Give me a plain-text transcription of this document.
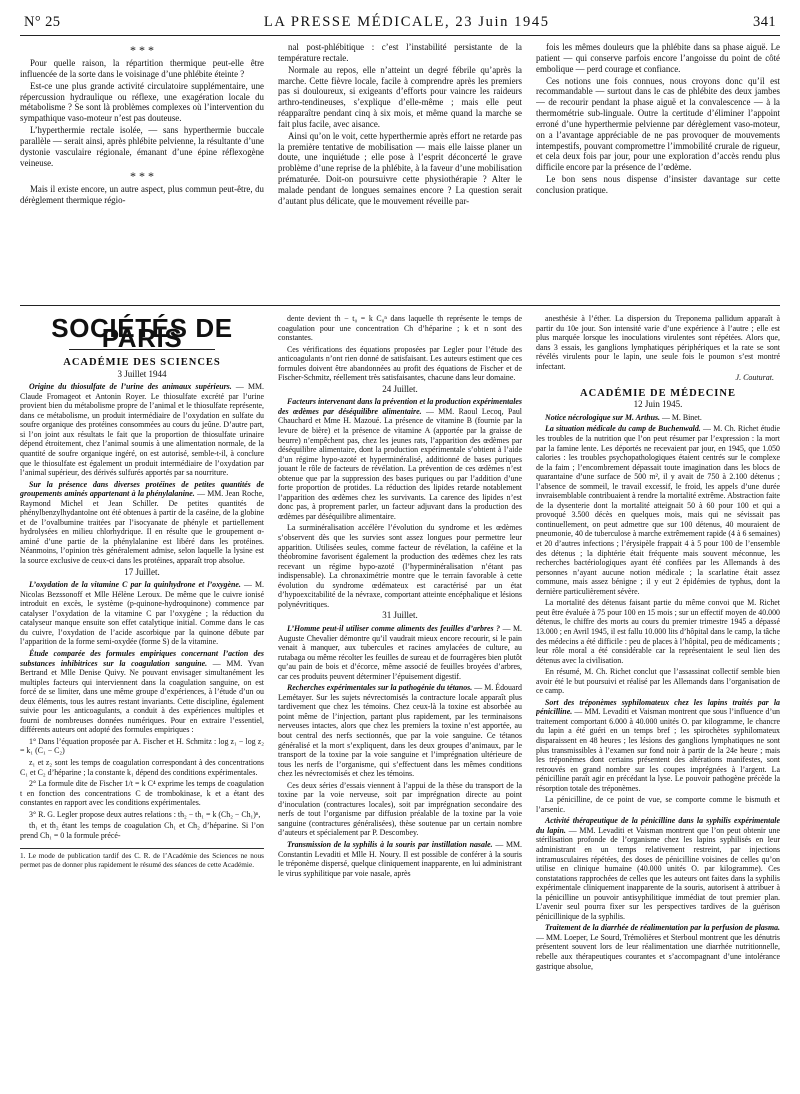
N° 25	LA PRESSE MÉDICALE, 23 Juin 1945	341
* * *

Pour quelle raison, la répartition thermique peut-elle être influencée de la sorte dans le voisinage d’une phlébite éteinte ?

Est-ce une plus grande activité circulatoire supplémentaire, une répercussion hydraulique ou réflexe, une exagération locale du métabolisme ? Se sont là problèmes complexes où l’intervention du sympathique vaso-moteur n’est pas douteuse.

L’hyperthermie rectale isolée, — sans hyperthermie buccale parallèle — serait ainsi, après phlébite pelvienne, la résultante d’une dystonie vasculaire régionale, émanant d’une épine réflexogène veineuse.

* * *

Mais il existe encore, un autre aspect, plus commun peut-être, du dérèglement thermique régio-

nal post-phlébitique : c’est l’instabilité persistante de la température rectale.

Normale au repos, elle n’atteint un degré fébrile qu’après la marche. Cette fièvre locale, facile à comprendre après les premiers pas si douloureux, si exigeants d’efforts pour vaincre les raideurs arthro-tendineuses, s’explique d’elle-même ; mais elle peut réapparaître pendant cinq à six mois, et même quand la marche se fait plus facile, avec aisance.

Ainsi qu’on le voit, cette hyperthermie après effort ne retarde pas la première tentative de mobilisation — mais elle laisse planer un doute, une inquiétude ; elle pose à l’esprit déconcerté le grave problème d’une reprise de la phlébite, à la faveur d’une mobilisation prématurée. Doit-on poursuivre cette physiothérapie ? Alter le malade pendant de longues semaines encore ? La question serait d’autant plus délicate, que le mouvement réveille par-

fois les mêmes douleurs que la phlébite dans sa phase aiguë. Le patient — qui conserve parfois encore l’angoisse du point de côté embolique — perd courage et confiance.

Ces notions une fois connues, nous croyons donc qu’il est recommandable — surtout dans le cas de phlébite des deux jambes — de recourir pendant la phase aiguë et la convalescence — à la thermométrie sub-linguale. Outre la certitude d’éliminer l’appoint erroné d’une hyperthermie pelvienne par dérèglement vaso-moteur, on a l’avantage appréciable de ne pas provoquer de mouvements intempestifs, pouvant compromettre l’immobilité crurale de rigueur, et cela deux fois par jour, pour une exploration d’accès rendu plus difficile encore par la présence de l’œdème.

Le bon sens nous dispense d’insister davantage sur cette conclusion pratique.

SOCIÉTÉS DE PARIS
ACADÉMIE DES SCIENCES
3 Juillet 1944

Origine du thiosulfate de l’urine des animaux supérieurs. — MM. Claude Fromageot et Antonin Royer. Le thiosulfate excrété par l’urine provient bien du métabolisme propre de l’animal et le thiosulfate représente, dans ce métabolisme, un produit intermédiaire de l’oxydation en sulfate du soufre organique des protéines consommées au cours du jeûne. D’autre part, si l’on joint aux résultats le fait que la proportion de thiosulfate urinaire dépend étroitement, chez l’animal soumis à une alimentation normale, de la quantité de soufre organique ingéré, on est autorisé, semble-t-il, à conclure que le thiosulfate est également un produit intermédiaire de l’oxydation par l’animal supérieur, des dérivés sulfurés apportés par sa nourriture.

Sur la présence dans diverses protéines de petites quantités de groupements aminés appartenant à la phénylalanine. — MM. Jean Roche, Raymond Michel et Jean Schiller. De petites quantités de phénylbenzylhydantoïne ont été obtenues à partir de la caséine, de la globine et de l’ovalbumine traitées par l’isocyanate de phényle et partiellement hydrolysées en milieu chlorhydrique. Il en résulte que le groupement α-aminé d’une partie de la phénylalanine est libéré dans les protéines. Néanmoins, l’opinion très généralement admise, selon laquelle la lysine est la source exclusive de ceux-ci dans les protéines, apparaît trop absolue.

17 Juillet.

L’oxydation de la vitamine C par la quinhydrone et l’oxygène. — M. Nicolas Bezssonoff et Mlle Hélène Leroux. De même que le cuivre ionisé introduit en excès, le système (p-quinone-hydroquinone) commence par catalyser l’oxydation de la vitamine C par l’oxygène ; la réduction du catalyseur manque ensuite son effet catalytique initial. Comme dans le cas du cuivre, l’oxydation de l’acide ascorbique par la quinone débute par l’apparition de la forme semi-oxydée (forme S) de la vitamine.

Étude comparée des formules empiriques concernant l’action des substances inhibitrices sur la coagulation sanguine. — MM. Yvan Bertrand et Mlle Denise Quivy. Ne pouvant envisager simultanément les multiples facteurs qui interviennent dans la coagulation sanguine, on est forcé de se limiter, dans une même groupe d’expériences, à l’étude d’un ou deux éléments, tous les autres restant invariants. Cette discipline, également suivie pour les anticoagulants, a conduit à des expériences multiples et fourni de nombreuses données numériques. Pour en extraire l’essentiel, différents auteurs ont adopté des formules empiriques :

1° Dans l’équation proposée par A. Fischer et H. Schmitz : log z₁ − log z₂ = k₁ (C₁ − C₂)

z₁ et z₂ sont les temps de coagulation correspondant à des concentrations C₁ et C₂ d’héparine ; la constante k₁ dépend des conditions expérimentales.

2° La formule dite de Fischer 1/t = k C⁴ exprime les temps de coagulation t en fonction des concentrations C de trombokinase, k et a étant des constantes en rapport avec les conditions expérimentales.

3° R. G. Legler propose deux autres relations : th₂ − th₁ = k (Ch₂ − Ch₁)ⁿ,

th₁ et th₂ étant les temps de coagulation Ch₁ et Ch₂ d’héparine. Si l’on prend Ch₁ = 0 la formule précé-

1. Le mode de publication tardif des C. R. de l’Académie des Sciences ne nous permet pas de donner plus rapidement le résumé des séances de cette Académie.

dente devient th − t₀ = k C₀ⁿ dans laquelle th représente le temps de coagulation pour une concentration Ch d’héparine ; k et n sont des constantes.

Ces vérifications des équations proposées par Legler pour l’étude des anticoagulants n’ont rien donné de satisfaisant. Les auteurs estiment que ces formules doivent être abandonnées au profit des équations de Fischer et de Fischer-Schmitz, réellement très satisfaisantes, chacune dans leur domaine.

24 Juillet.

Facteurs intervenant dans la prévention et la production expérimentales des œdèmes par déséquilibre alimentaire. — MM. Raoul Lecoq, Paul Chauchard et Mme H. Mazoué. La présence de vitamine B (fournie par la levure de bière) et la présence de vitamine A (apportée par la graisse de beurre) n’empêchent pas, chez les jeunes rats, l’apparition des œdèmes par déséquilibre alimentaire, dont la production expérimentale s’obtient à l’aide d’un régime hypo-azoté et hyperminéralisé, additionné de bases puriques jouant le rôle de facteurs de révélation. La prévention de ces œdèmes n’est obtenue que par la suppression des bases puriques ou par l’addition d’une forte proportion de protides. La réduction des lipides retarde notablement l’apparition des œdèmes chez les survivants. La carence des lipides n’est donc pas, à proprement parler, un facteur adjuvant dans la production des œdèmes par déséquilibre alimentaire.

La surminéralisation accélère l’évolution du syndrome et les œdèmes s’observent dès que les survies sont assez longues pour permettre leur apparition. Utilisées seules, comme facteur de révélation, la caféine et la théobromine favorisent également la production des œdèmes chez les rats recevant un régime hypo-azoté (l’hyperminéralisation n’étant pas indispensable). La chronaximétrie montre que le terrain favorable à cette évolution du syndrome œdémateux est caractérisé par un état d’hypoexcitabilité de la névraxe, comportant atteinte encéphalique et lésions polynévritiques.

31 Juillet.

L’Homme peut-il utiliser comme aliments des feuilles d’arbres ? — M. Auguste Chevalier démontre qu’il vaudrait mieux encore recourir, si le pain venait à manquer, aux tubercules et racines amylacées de culture, au rutabaga ou même récolter les feuilles de sureau et de fourragères bien plutôt qu’au pain de bois et d’écorce, même associé de feuilles broyées d’arbres, car ces produits peuvent déterminer l’épuisement digestif.

Recherches expérimentales sur la pathogénie du tétanos. — M. Édouard Lemétayer. Sur les sujets névrectomisés la contracture locale apparaît plus tardivement que chez les témoins. Chez ceux-là la toxine est absorbée au point même de l’injection, partant plus rapidement, par les terminaisons nerveuses intactes, alors que chez les premiers la toxine n’est apportée, au bout central des nerfs sectionnés, que par la voie sanguine. Ce tétanos généralisé et la mort s’expliquent, dans les deux groupes d’animaux, par le transport de la toxine par la voie sanguine et l’imprégnation ultérieure de tous les nerfs de l’organisme, qui s’effectuent dans les mêmes conditions chez les névrectomisés et chez les témoins.

Ces deux séries d’essais viennent à l’appui de la thèse du transport de la toxine par la voie nerveuse, soit par imprégnation directe au point d’inoculation (contractures locales), soit par imprégnation secondaire des nerfs de tout l’organisme par diffusion préalable de la toxine par la voie sanguine (contractures généralisées), thèse soutenue par un certain nombre d’auteurs et spécialement par P. Descombey.

Transmission de la syphilis à la souris par instillation nasale. — MM. Constantin Levaditi et Mlle H. Noury. Il est possible de conférer à la souris le tréponème dispersé, quelque cliniquement inapparente, en lui administrant le virus syphilitique par voie nasale, après

anesthésie à l’éther. La dispersion du Treponema pallidum apparaît à partir du 10e jour. Son intensité varie d’une expérience à l’autre ; elle est plus marquée lorsque les inoculations virulentes sont répétées. Alors que, dans 3 essais, les ganglions lymphatiques périphériques et la rate se sont révélés virulents pour le lapin, une seule fois le poumon s’est montré infectant.

J. Couturat.
ACADÉMIE DE MÉDECINE
12 Juin 1945.

Notice nécrologique sur M. Arthus. — M. Binet.

La situation médicale du camp de Buchenwald. — M. Ch. Richet étudie les troubles de la nutrition que l’on peut résumer par l’expression : la mort par la famine lente. Les déportés ne recevaient par jour, en 1945, que 1.050 calories : les troubles psychopathologiques étaient centrés sur le complexe de la faim ; l’encombrement dépassait toute imagination dans les blocs de quarantaine d’une surface de 500 m², il y avait de 750 à 2.100 détenus ; l’absence de sommeil, le travail excessif, le froid, les appels d’une durée invraisemblable contribuaient à rendre la mortalité extrême. Abstraction faite de la dysenterie dont la mortalité atteignait 50 à 60 pour 100 et qui a provoqué 3.500 décès en quelques mois, mais qui ne sévissait pas continuellement, on peut admettre que sur 100 détenus, 40 mouraient de pneumonie, 40 de tuberculose à marche extrêmement rapide (4 à 6 semaines) et 20 d’autres infections ; l’érysipèle frappait 4 à 5 pour 100 de l’ensemble des détenus ; la diphtérie était fréquente mais souvent méconnue, les recherches bactériologiques ayant été confiées par les Allemands à des personnes n’ayant aucune notion médicale ; la scarlatine était assez commune, mais assez bénigne ; il y eut 2 épidémies de typhus, dont la dernière particulièrement sévère.

La mortalité des détenus faisant partie du même convoi que M. Richet peut être évaluée à 75 pour 100 en 15 mois ; sur un effectif moyen de 40.000 détenus, le chiffre des morts au cours du premier trimestre 1945 a dépassé 13.000 ; en Avril 1945, il est fallu 10.000 lits d’hôpital dans le camp, la tâche des médecins a été difficile : peu de places à l’hôpital, peu de médicaments ; leur rôle moral a été considérable car la représentaient le seul lien des détenus avec la civilisation.

En résumé, M. Ch. Richet conclut que l’assassinat collectif semble bien avoir été le but poursuivi et réalisé par les Allemands dans l’organisation de ce camp.

Sort des tréponèmes syphilomateux chez les lapins traités par la pénicilline. — MM. Levaditi et Vaisman montrent que sous l’influence d’un traitement comportant 6.000 à 40.000 unités O. par kilogramme, le chancre du lapin a été guéri en un temps bref ; les spirochètes syphilomateux disparaissent en 48 heures ; les lésions des ganglions lymphatiques ne sont plus transmissibles à l’examen sur fond noir à partir de la 24e heure ; mais les tréponèmes dont certains présentent des altérations manifestes, sont retrouvés en grand nombre sur les coupes imprégnées à l’argent. La pénicilline paraît agir en précédant la lyse. Le pouvoir pathogène précède la résorption totale des tréponèmes.

La pénicilline, de ce point de vue, se comporte comme le bismuth et l’arsenic.

Activité thérapeutique de la pénicilline dans la syphilis expérimentale du lapin. — MM. Levaditi et Vaisman montrent que l’on peut obtenir une stérilisation profonde de l’organisme chez les lapins syphilisés en leur administrant en un temps relativement restreint, par injections intramusculaires répétées, des doses de pénicilline voisines de celles qu’on utilise en clinique humaine (40.000 unités O. par kilogramme). Ces constatations rapprochées de celles que les auteurs ont faites dans la syphilis expérimentale cliniquement inapparente de la souris, autorisent à attribuer à la pénicilline un pouvoir antisyphilitique immédiat de tout premier plan. L’avenir seul pourra fixer sur les perspectives tardives de la guérison pénicillinique de la syphilis.

Traitement de la diarrhée de réalimentation par la perfusion de plasma. — MM. Loeper, Le Sourd, Trémolières et Sterboul montrent que les dénutris présentent souvent lors de leur réalimentation une diarrhée nutritionnelle, rebelle aux thérapeutiques courantes et s’accompagnant d’une intolérance gastrique absolue,
